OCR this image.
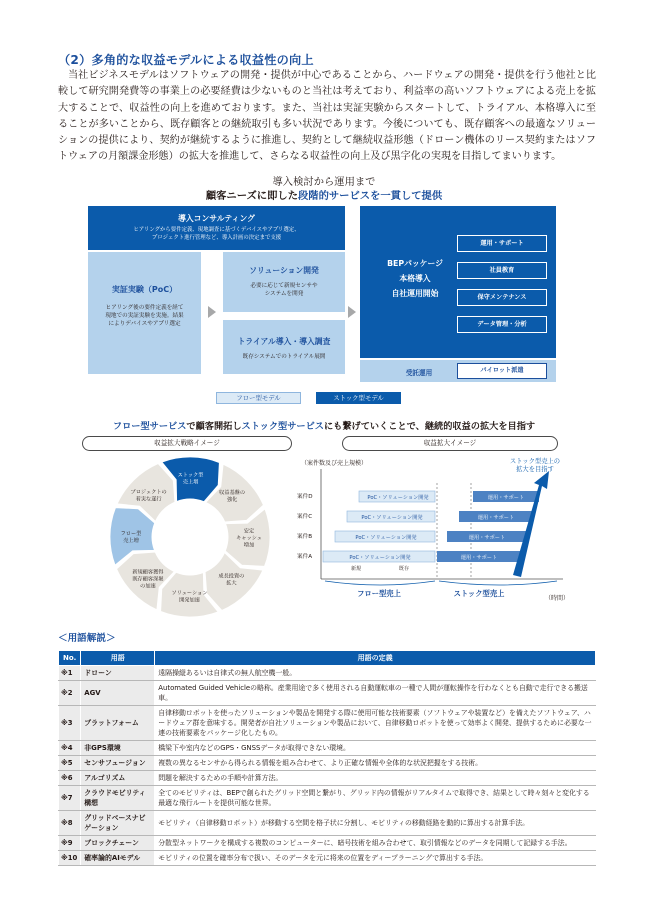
（2）多角的な収益モデルによる収益性の向上

当社ビジネスモデルはソフトウェアの開発・提供が中心であることから、ハードウェアの開発・提供を行う他社と比較して研究開発費等の事業上の必要経費は少ないものと当社は考えており、利益率の高いソフトウェアによる売上を拡大することで、収益性の向上を進めております。また、当社は実証実験からスタートして、トライアル、本格導入に至ることが多いことから、既存顧客との継続取引も多い状況であります。今後についても、既存顧客への最適なソリューションの提供により、契約が継続するように推進し、契約として継続収益形態（ドローン機体のリース契約またはソフトウェアの月額課金形態）の拡大を推進して、さらなる収益性の向上及び黒字化の実現を目指してまいります。

導入検討から運用まで
顧客ニーズに即した段階的サービスを一貫して提供
導入コンサルティング
ヒアリングから要件定義、現地調査に基づくデバイスやアプリ選定、
プロジェクト進行管理など、導入計画の決定まで支援
実証実験（PoC）
ヒアリング後の要件定義を経て
現地での実証実験を実施。結果
によりデバイスやアプリ選定
ソリューション開発
必要に応じて新規センサや
システムを開発
トライアル導入・導入調査
既存システムでのトライアル展開
BEPパッケージ
本格導入
自社運用開始
運用・サポート
社員教育
保守メンテナンス
データ管理・分析
受託運用	パイロット派遣
フロー型モデル	ストック型モデル
フロー型サービスで顧客開拓しストック型サービスにも繋げていくことで、継続的収益の拡大を目指す
収益拡大戦略イメージ	収益拡大イメージ
ストック型
売上増
収益基盤の
強化
安定
キャッシュ
増加
成長投資の
拡大
ソリューション
開発加速
新規顧客獲得
既存顧客深堀
の加速
フロー型
売上増
プロジェクトの
着実な遂行
（案件数及び売上規模）
案件D	PoC・ソリューション開発	運用・サポート
案件C	PoC・ソリューション開発	運用・サポート
案件B	PoC・ソリューション開発	運用・サポート
案件A	PoC・ソリューション開発	運用・サポート
ストック型売上の
拡大を目指す
新規	既存
フロー型売上	ストック型売上
（時間）
＜用語解説＞
No.	用語	用語の定義
※1	ドローン	遠隔操縦あるいは自律式の無人航空機一般。
※2	AGV	Automated Guided Vehicleの略称。産業用途で多く使用される自動運転車の一種で人間が運転操作を行わなくとも自動で走行できる搬送車。
※3	プラットフォーム	自律移動ロボットを使ったソリューションや製品を開発する際に使用可能な技術要素（ソフトウェアや装置など）を備えたソフトウェア、ハードウェア群を意味する。開発者が自社ソリューションや製品において、自律移動ロボットを使って効率よく開発、提供するために必要な一連の技術要素をパッケージ化したもの。
※4	非GPS環境	橋梁下や室内などのGPS・GNSSデータが取得できない環境。
※5	センサフュージョン	複数の異なるセンサから得られる情報を組み合わせて、より正確な情報や全体的な状況把握をする技術。
※6	アルゴリズム	問題を解決するための手順や計算方法。
※7	クラウドモビリティ構想	全てのモビリティは、BEPで創られたグリッド空間と繋がり、グリッド内の情報がリアルタイムで取得でき、結果として時々刻々と変化する最適な飛行ルートを提供可能な世界。
※8	グリッドベースナビゲーション	モビリティ（自律移動ロボット）が移動する空間を格子状に分割し、モビリティの移動経路を動的に算出する計算手法。
※9	ブロックチェーン	分散型ネットワークを構成する複数のコンピューターに、暗号技術を組み合わせて、取引情報などのデータを同期して記録する手法。
※10	確率論的AIモデル	モビリティの位置を確率分布で扱い、そのデータを元に将来の位置をディープラーニングで算出する手法。
